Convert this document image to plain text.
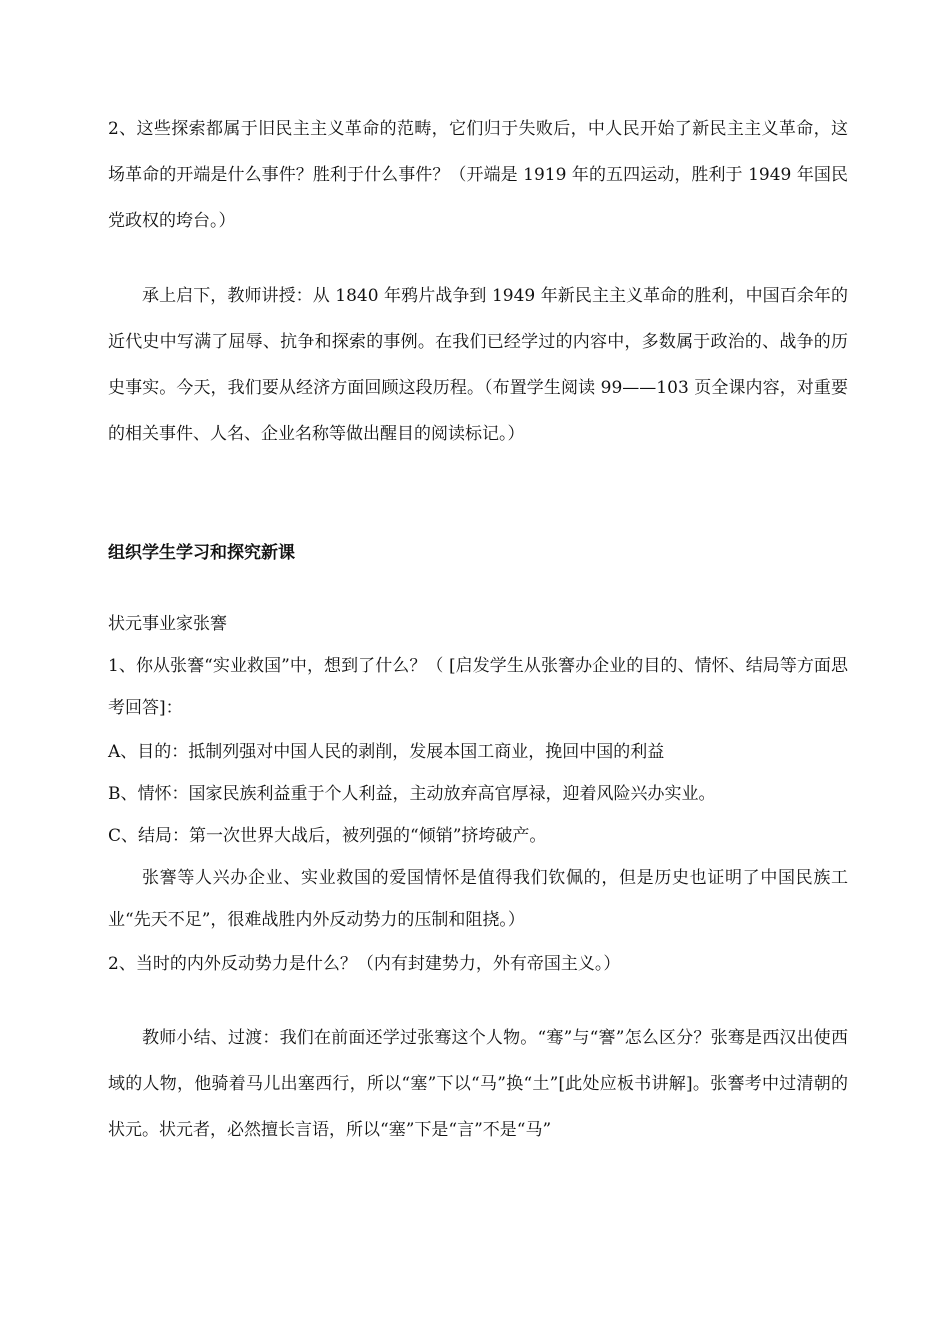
2、这些探索都属于旧民主主义革命的范畴，它们归于失败后，中人民开始了新民主主义革命，这场革命的开端是什么事件？胜利于什么事件？（开端是 1919 年的五四运动，胜利于 1949 年国民党政权的垮台。）

承上启下，教师讲授：从 1840 年鸦片战争到 1949 年新民主主义革命的胜利，中国百余年的近代史中写满了屈辱、抗争和探索的事例。在我们已经学过的内容中，多数属于政治的、战争的历史事实。今天，我们要从经济方面回顾这段历程。（布置学生阅读 99——103 页全课内容，对重要的相关事件、人名、企业名称等做出醒目的阅读标记。）

组织学生学习和探究新课

状元事业家张謇

1、你从张謇“实业救国”中，想到了什么？（ [启发学生从张謇办企业的目的、情怀、结局等方面思考回答]：

A、目的：抵制列强对中国人民的剥削，发展本国工商业，挽回中国的利益

B、情怀：国家民族利益重于个人利益，主动放弃高官厚禄，迎着风险兴办实业。

C、结局：第一次世界大战后，被列强的“倾销”挤垮破产。

张謇等人兴办企业、实业救国的爱国情怀是值得我们钦佩的，但是历史也证明了中国民族工业“先天不足”，很难战胜内外反动势力的压制和阻挠。）

2、当时的内外反动势力是什么？（内有封建势力，外有帝国主义。）

教师小结、过渡：我们在前面还学过张骞这个人物。“骞”与“謇”怎么区分？张骞是西汉出使西域的人物，他骑着马儿出塞西行，所以“塞”下以“马”换“土”[此处应板书讲解]。张謇考中过清朝的状元。状元者，必然擅长言语，所以“塞”下是“言”不是“马”
